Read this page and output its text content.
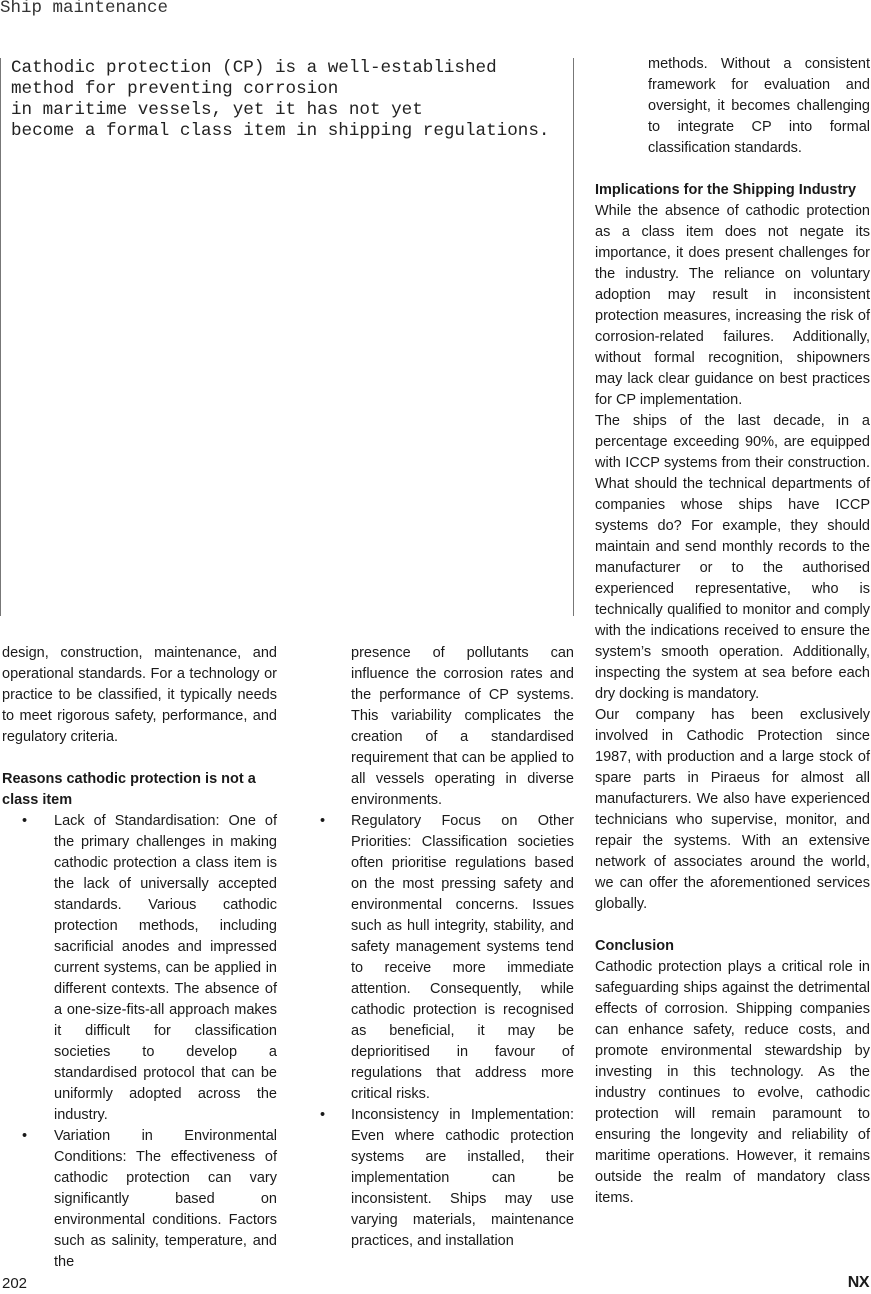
Ship maintenance

Cathodic protection (CP) is a well-established
method for preventing corrosion
in maritime vessels, yet it has not yet
become a formal class item in shipping regulations.

design, construction, maintenance, and operational standards. For a technology or practice to be classified, it typically needs to meet rigorous safety, performance, and regulatory criteria.

Reasons cathodic protection is not a class item

• Lack of Standardisation: One of the primary challenges in making cathodic protection a class item is the lack of universally accepted standards. Various cathodic protection methods, including sacrificial anodes and impressed current systems, can be applied in different contexts. The absence of a one-size-fits-all approach makes it difficult for classification societies to develop a standardised protocol that can be uniformly adopted across the industry.
• Variation in Environmental Conditions: The effectiveness of cathodic protection can vary significantly based on environmental conditions. Factors such as salinity, temperature, and the

presence of pollutants can influence the corrosion rates and the performance of CP systems. This variability complicates the creation of a standardised requirement that can be applied to all vessels operating in diverse environments.

• Regulatory Focus on Other Priorities: Classification societies often prioritise regulations based on the most pressing safety and environmental concerns. Issues such as hull integrity, stability, and safety management systems tend to receive more immediate attention. Consequently, while cathodic protection is recognised as beneficial, it may be deprioritised in favour of regulations that address more critical risks.
• Inconsistency in Implementation: Even where cathodic protection systems are installed, their implementation can be inconsistent. Ships may use varying materials, maintenance practices, and installation

methods. Without a consistent framework for evaluation and oversight, it becomes challenging to integrate CP into formal classification standards.

Implications for the Shipping Industry

While the absence of cathodic protection as a class item does not negate its importance, it does present challenges for the industry. The reliance on voluntary adoption may result in inconsistent protection measures, increasing the risk of corrosion-related failures. Additionally, without formal recognition, shipowners may lack clear guidance on best practices for CP implementation.

The ships of the last decade, in a percentage exceeding 90%, are equipped with ICCP systems from their construction. What should the technical departments of companies whose ships have ICCP systems do? For example, they should maintain and send monthly records to the manufacturer or to the authorised experienced representative, who is technically qualified to monitor and comply with the indications received to ensure the system’s smooth operation. Additionally, inspecting the system at sea before each dry docking is mandatory.

Our company has been exclusively involved in Cathodic Protection since 1987, with production and a large stock of spare parts in Piraeus for almost all manufacturers. We also have experienced technicians who supervise, monitor, and repair the systems. With an extensive network of associates around the world, we can offer the aforementioned services globally.

Conclusion

Cathodic protection plays a critical role in safeguarding ships against the detrimental effects of corrosion. Shipping companies can enhance safety, reduce costs, and promote environmental stewardship by investing in this technology. As the industry continues to evolve, cathodic protection will remain paramount to ensuring the longevity and reliability of maritime operations. However, it remains outside the realm of mandatory class items.

202	NX
